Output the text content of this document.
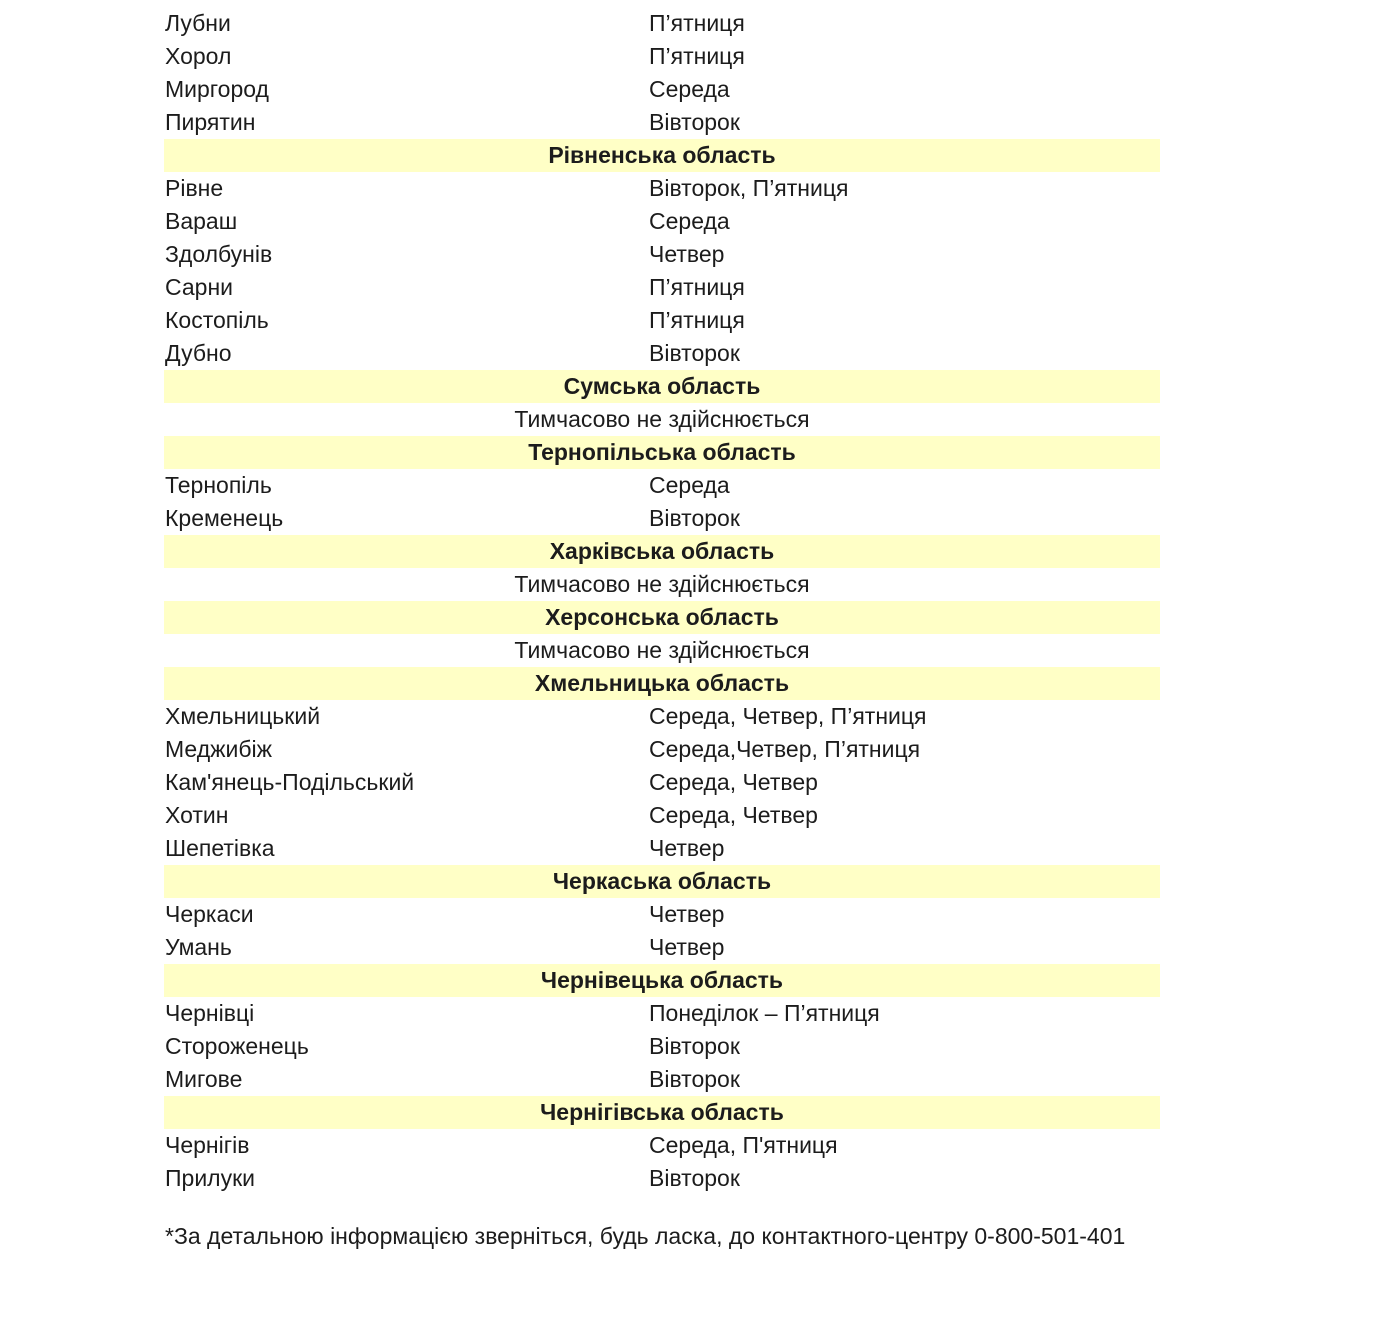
Лубни	П’ятниця
Хорол	П’ятниця
Миргород	Середа
Пирятин	Вівторок
Рівненська область
Рівне	Вівторок, П’ятниця
Вараш	Середа
Здолбунів	Четвер
Сарни	П’ятниця
Костопіль	П’ятниця
Дубно	Вівторок
Сумська область
Тимчасово не здійснюється
Тернопільська область
Тернопіль	Середа
Кременець	Вівторок
Харківська область
Тимчасово не здійснюється
Херсонська область
Тимчасово не здійснюється
Хмельницька область
Хмельницький	Середа, Четвер, П’ятниця
Меджибіж	Середа,Четвер, П’ятниця
Кам'янець-Подільський	Середа, Четвер
Хотин	Середа, Четвер
Шепетівка	Четвер
Черкаська область
Черкаси	Четвер
Умань	Четвер
Чернівецька область
Чернівці	Понеділок – П’ятниця
Стороженець	Вівторок
Мигове	Вівторок
Чернігівська область
Чернігів	Середа, П'ятниця
Прилуки	Вівторок
*За детальною інформацією зверніться, будь ласка, до контактного-центру 0-800-501-401
